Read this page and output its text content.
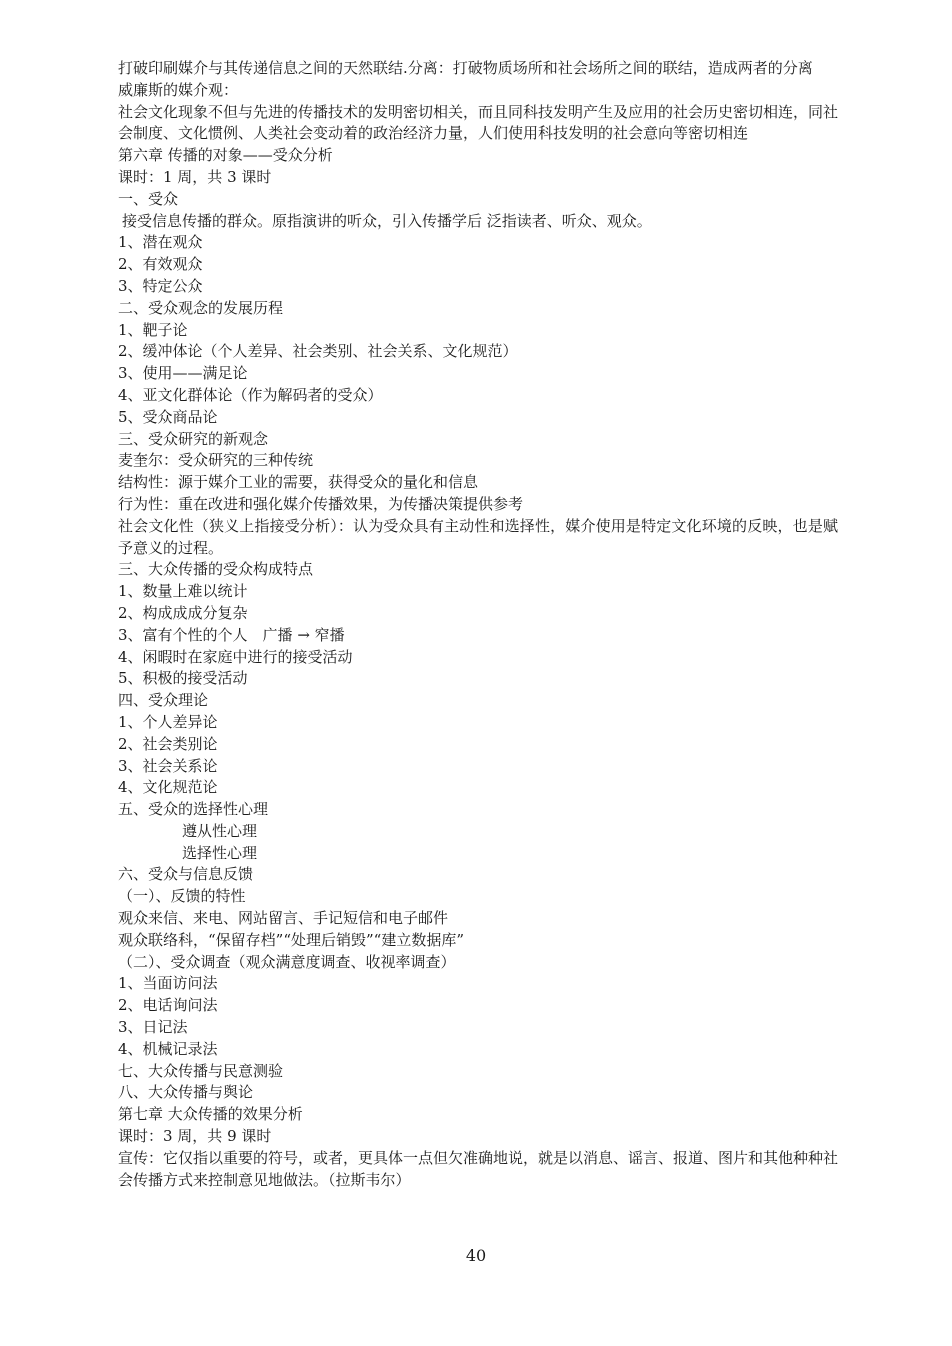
打破印刷媒介与其传递信息之间的天然联结.分离：打破物质场所和社会场所之间的联结，造成两者的分离
威廉斯的媒介观：
社会文化现象不但与先进的传播技术的发明密切相关，而且同科技发明产生及应用的社会历史密切相连，同社会制度、文化惯例、人类社会变动着的政治经济力量，人们使用科技发明的社会意向等密切相连
第六章 传播的对象——受众分析
课时：1 周，共 3 课时
一、受众
接受信息传播的群众。原指演讲的听众，引入传播学后 泛指读者、听众、观众。
1、潜在观众
2、有效观众
3、特定公众
二、受众观念的发展历程
1、靶子论
2、缓冲体论（个人差异、社会类别、社会关系、文化规范）
3、使用——满足论
4、亚文化群体论（作为解码者的受众）
5、受众商品论
三、受众研究的新观念
麦奎尔：受众研究的三种传统
结构性：源于媒介工业的需要，获得受众的量化和信息
行为性：重在改进和强化媒介传播效果，为传播决策提供参考
社会文化性（狭义上指接受分析）：认为受众具有主动性和选择性，媒介使用是特定文化环境的反映，也是赋予意义的过程。
三、大众传播的受众构成特点
1、数量上难以统计
2、构成成成分复杂
3、富有个性的个人　广播 → 窄播
4、闲暇时在家庭中进行的接受活动
5、积极的接受活动
四、受众理论
1、个人差异论
2、社会类别论
3、社会关系论
4、文化规范论
五、受众的选择性心理
遵从性心理
选择性心理
六、受众与信息反馈
（一）、反馈的特性
观众来信、来电、网站留言、手记短信和电子邮件
观众联络科，“保留存档”“处理后销毁”“建立数据库”
（二）、受众调查（观众满意度调查、收视率调查）
1、当面访问法
2、电话询问法
3、日记法
4、机械记录法
七、大众传播与民意测验
八、大众传播与舆论
第七章 大众传播的效果分析
课时：3 周，共 9 课时
宣传：它仅指以重要的符号，或者，更具体一点但欠准确地说，就是以消息、谣言、报道、图片和其他种种社会传播方式来控制意见地做法。（拉斯韦尔）
40
